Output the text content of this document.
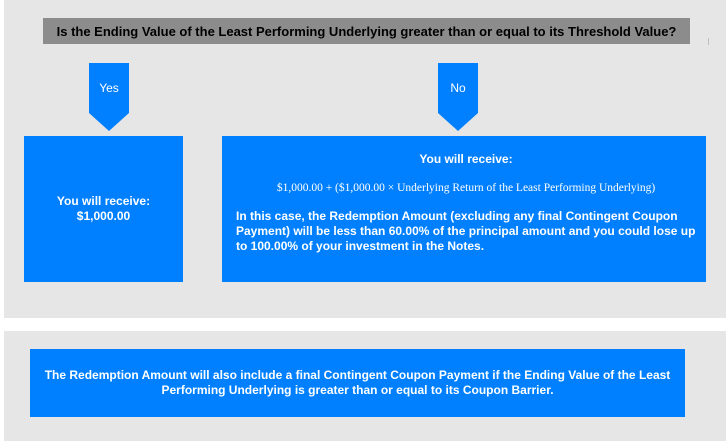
Is the Ending Value of the Least Performing Underlying greater than or equal to its Threshold Value?
Yes	No
You will receive:
$1,000.00
You will receive:
$1,000.00 + ($1,000.00 × Underlying Return of the Least Performing Underlying)
In this case, the Redemption Amount (excluding any final Contingent Coupon Payment) will be less than 60.00% of the principal amount and you could lose up to 100.00% of your investment in the Notes.
The Redemption Amount will also include a final Contingent Coupon Payment if the Ending Value of the Least Performing Underlying is greater than or equal to its Coupon Barrier.
